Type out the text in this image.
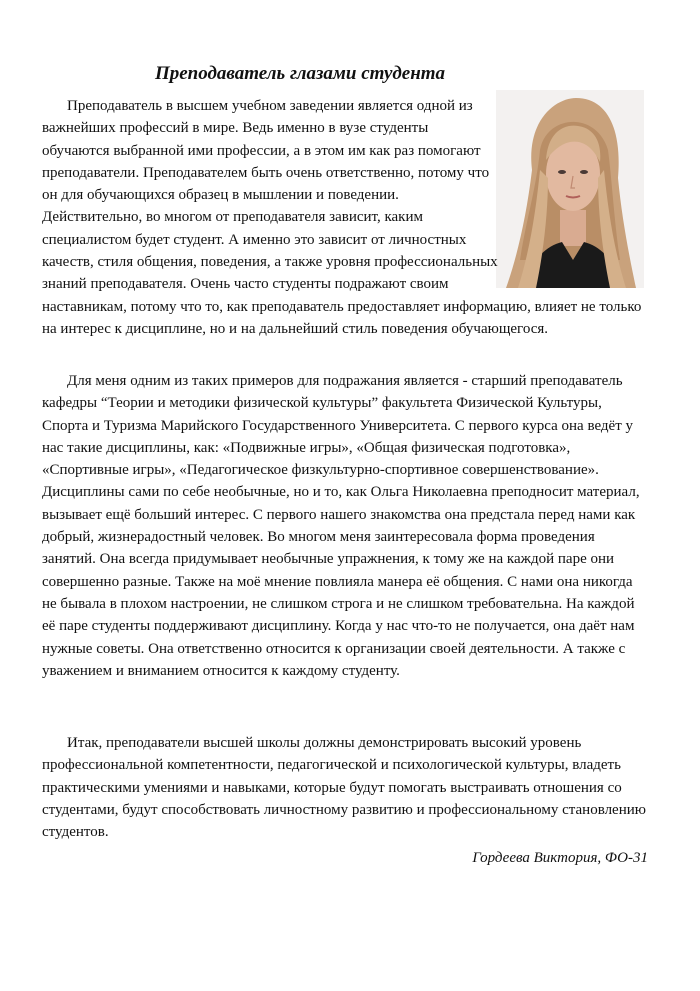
Преподаватель глазами студента

Преподаватель в высшем учебном заведении является одной из важнейших профессий в мире. Ведь именно в вузе студенты обучаются выбранной ими профессии, а в этом им как раз помогают преподаватели. Преподавателем быть очень ответственно, потому что он для обучающихся образец в мышлении и поведении. Действительно, во многом от преподавателя зависит, каким специалистом будет студент. А именно это зависит от личностных качеств, стиля общения, поведения, а также уровня профессиональных знаний преподавателя. Очень часто студенты подражают своим наставникам, потому что то, как преподаватель предоставляет информацию, влияет не только на интерес к дисциплине, но и на дальнейший стиль поведения обучающегося.

Для меня одним из таких примеров для подражания является - старший преподаватель кафедры “Теории и методики физической культуры” факультета Физической Культуры, Спорта и Туризма Марийского Государственного Университета. С первого курса она ведёт у нас такие дисциплины, как: «Подвижные игры», «Общая физическая подготовка», «Спортивные игры», «Педагогическое физкультурно-спортивное совершенствование». Дисциплины сами по себе необычные, но и то, как Ольга Николаевна преподносит материал, вызывает ещё больший интерес. С первого нашего знакомства она предстала перед нами как добрый, жизнерадостный человек. Во многом меня заинтересовала форма проведения занятий. Она всегда придумывает необычные упражнения, к тому же на каждой паре они совершенно разные. Также на моё мнение повлияла манера её общения. С нами она никогда не бывала в плохом настроении, не слишком строга и не слишком требовательна. На каждой её паре студенты поддерживают дисциплину. Когда у нас что-то не получается, она даёт нам нужные советы. Она ответственно относится к организации своей деятельности. А также с уважением и вниманием относится к каждому студенту.

Итак, преподаватели высшей школы должны демонстрировать высокий уровень профессиональной компетентности, педагогической и психологической культуры, владеть практическими умениями и навыками, которые будут помогать выстраивать отношения со студентами, будут способствовать личностному развитию и профессиональному становлению студентов.

Гордеева Виктория, ФО-31
